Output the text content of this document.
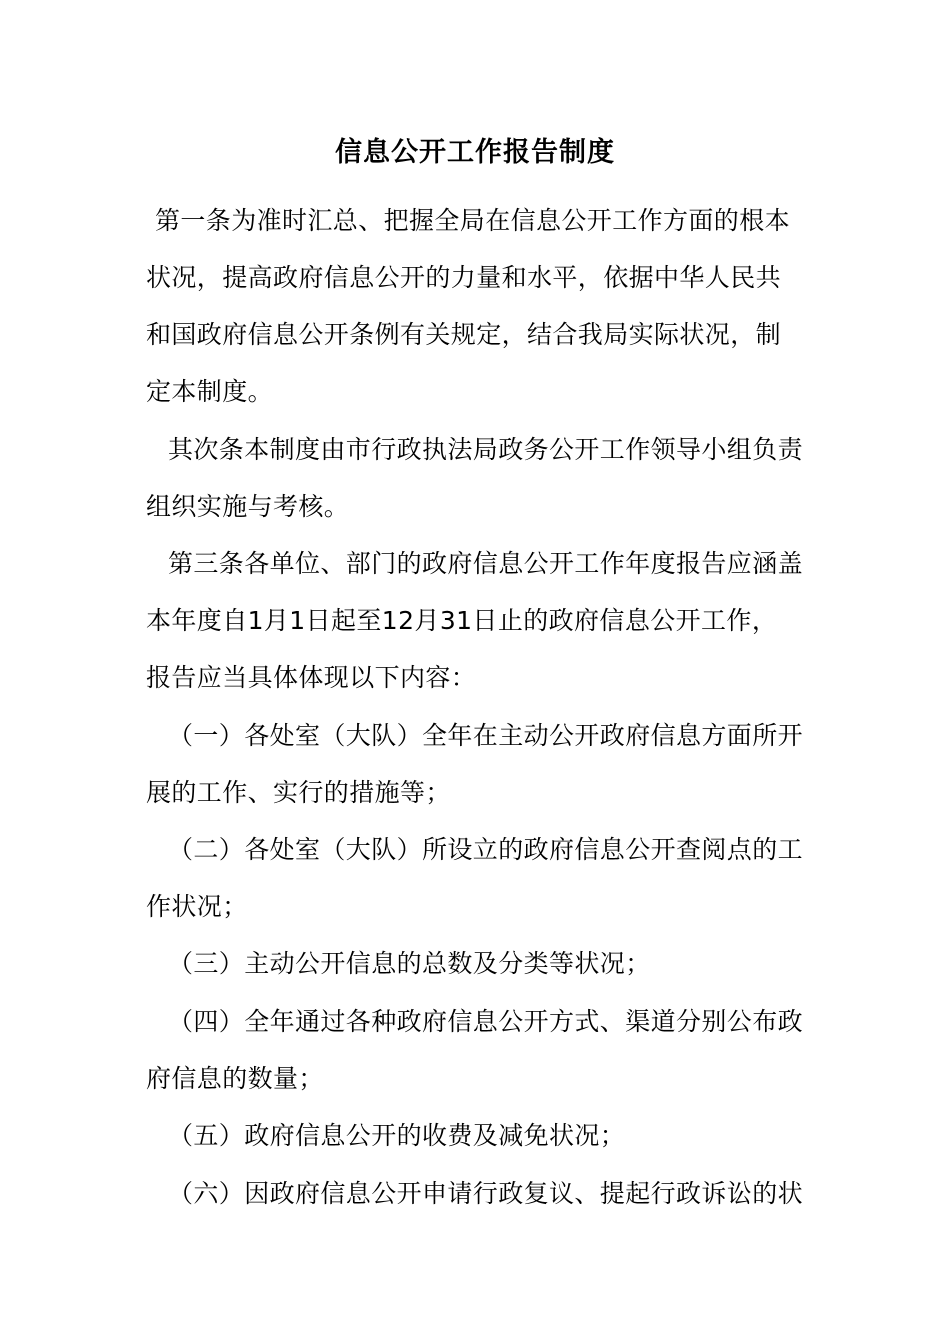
信息公开工作报告制度
第一条为准时汇总、把握全局在信息公开工作方面的根本
状况，提高政府信息公开的力量和水平，依据中华人民共
和国政府信息公开条例有关规定，结合我局实际状况，制
定本制度。
其次条本制度由市行政执法局政务公开工作领导小组负责
组织实施与考核。
第三条各单位、部门的政府信息公开工作年度报告应涵盖
本年度自1月1日起至12月31日止的政府信息公开工作，
报告应当具体体现以下内容：
（一）各处室（大队）全年在主动公开政府信息方面所开
展的工作、实行的措施等；
（二）各处室（大队）所设立的政府信息公开查阅点的工
作状况；
（三）主动公开信息的总数及分类等状况；
（四）全年通过各种政府信息公开方式、渠道分别公布政
府信息的数量；
（五）政府信息公开的收费及减免状况；
（六）因政府信息公开申请行政复议、提起行政诉讼的状
